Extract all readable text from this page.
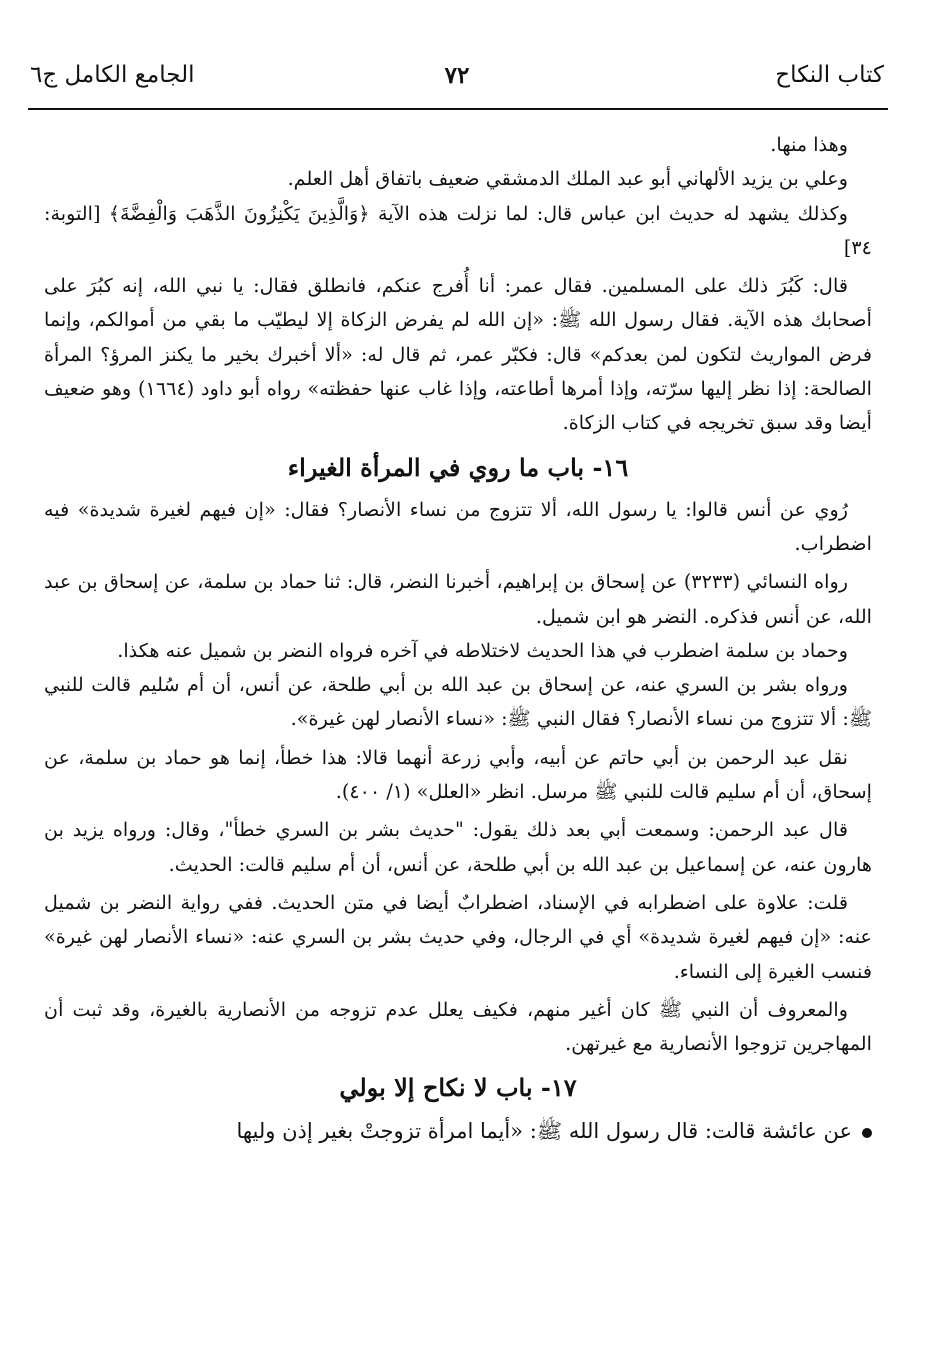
كتاب النكاح
٧٢
الجامع الكامل ج٦

وهذا منها.

وعلي بن يزيد الألهاني أبو عبد الملك الدمشقي ضعيف باتفاق أهل العلم.

وكذلك يشهد له حديث ابن عباس قال: لما نزلت هذه الآية ﴿وَالَّذِينَ يَكْنِزُونَ الذَّهَبَ وَالْفِضَّةَ﴾ [التوبة: ٣٤]

قال: كَبُرَ ذلك على المسلمين. فقال عمر: أنا أُفرج عنكم، فانطلق فقال: يا نبي الله، إنه كبُرَ على أصحابك هذه الآية. فقال رسول الله ﷺ: «إن الله لم يفرض الزكاة إلا ليطيّب ما بقي من أموالكم، وإنما فرض المواريث لتكون لمن بعدكم» قال: فكبّر عمر، ثم قال له: «ألا أخبرك بخير ما يكنز المرؤ؟ المرأة الصالحة: إذا نظر إليها سرّته، وإذا أمرها أطاعته، وإذا غاب عنها حفظته» رواه أبو داود (١٦٦٤) وهو ضعيف أيضا وقد سبق تخريجه في كتاب الزكاة.

١٦- باب ما روي في المرأة الغيراء

رُوي عن أنس قالوا: يا رسول الله، ألا تتزوج من نساء الأنصار؟ فقال: «إن فيهم لغيرة شديدة» فيه اضطراب.

رواه النسائي (٣٢٣٣) عن إسحاق بن إبراهيم، أخبرنا النضر، قال: ثنا حماد بن سلمة، عن إسحاق بن عبد الله، عن أنس فذكره. النضر هو ابن شميل.

وحماد بن سلمة اضطرب في هذا الحديث لاختلاطه في آخره فرواه النضر بن شميل عنه هكذا.

ورواه بشر بن السري عنه، عن إسحاق بن عبد الله بن أبي طلحة، عن أنس، أن أم سُليم قالت للنبي ﷺ: ألا تتزوج من نساء الأنصار؟ فقال النبي ﷺ: «نساء الأنصار لهن غيرة».

نقل عبد الرحمن بن أبي حاتم عن أبيه، وأبي زرعة أنهما قالا: هذا خطأ، إنما هو حماد بن سلمة، عن إسحاق، أن أم سليم قالت للنبي ﷺ مرسل. انظر «العلل» (١/ ٤٠٠).

قال عبد الرحمن: وسمعت أبي بعد ذلك يقول: "حديث بشر بن السري خطأ"، وقال: ورواه يزيد بن هارون عنه، عن إسماعيل بن عبد الله بن أبي طلحة، عن أنس، أن أم سليم قالت: الحديث.

قلت: علاوة على اضطرابه في الإسناد، اضطرابٌ أيضا في متن الحديث. ففي رواية النضر بن شميل عنه: «إن فيهم لغيرة شديدة» أي في الرجال، وفي حديث بشر بن السري عنه: «نساء الأنصار لهن غيرة» فنسب الغيرة إلى النساء.

والمعروف أن النبي ﷺ كان أغير منهم، فكيف يعلل عدم تزوجه من الأنصارية بالغيرة، وقد ثبت أن المهاجرين تزوجوا الأنصارية مع غيرتهن.

١٧- باب لا نكاح إلا بولي

عن عائشة قالت: قال رسول الله ﷺ: «أيما امرأة تزوجتْ بغير إذن وليها
